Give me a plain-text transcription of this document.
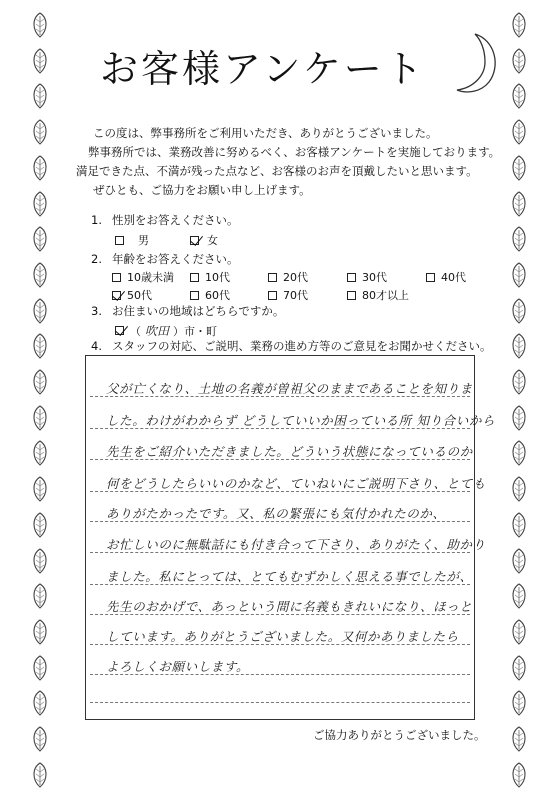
お客様アンケート

この度は、弊事務所をご利用いただき、ありがとうございました。

弊事務所では、業務改善に努めるべく、お客様アンケートを実施しております。

満足できた点、不満が残った点など、お客様のお声を頂戴したいと思います。

ぜひとも、ご協力をお願い申し上げます。

1. 性別をお答えください。
男	女
2. 年齢をお答えください。
10歳未満	10代	20代	30代	40代
50代	60代	70代	80才以上
3. お住まいの地域はどちらですか。
（ 吹田 ） 市・町
4. スタッフの対応、ご説明、業務の進め方等のご意見をお聞かせください。
父が亡くなり、土地の名義が曽祖父のままであることを知りま
した。わけがわからず どうしていいか困っている所 知り合いから
先生をご紹介いただきました。どういう状態になっているのか
何をどうしたらいいのかなど、ていねいにご説明下さり、とても
ありがたかったです。又、私の緊張にも気付かれたのか、
お忙しいのに無駄話にも付き合って下さり、ありがたく、助かり
ました。私にとっては、とてもむずかしく思える事でしたが、
先生のおかげで、あっという間に名義もきれいになり、ほっと
しています。ありがとうございました。又何かありましたら
よろしくお願いします。
ご協力ありがとうございました。
